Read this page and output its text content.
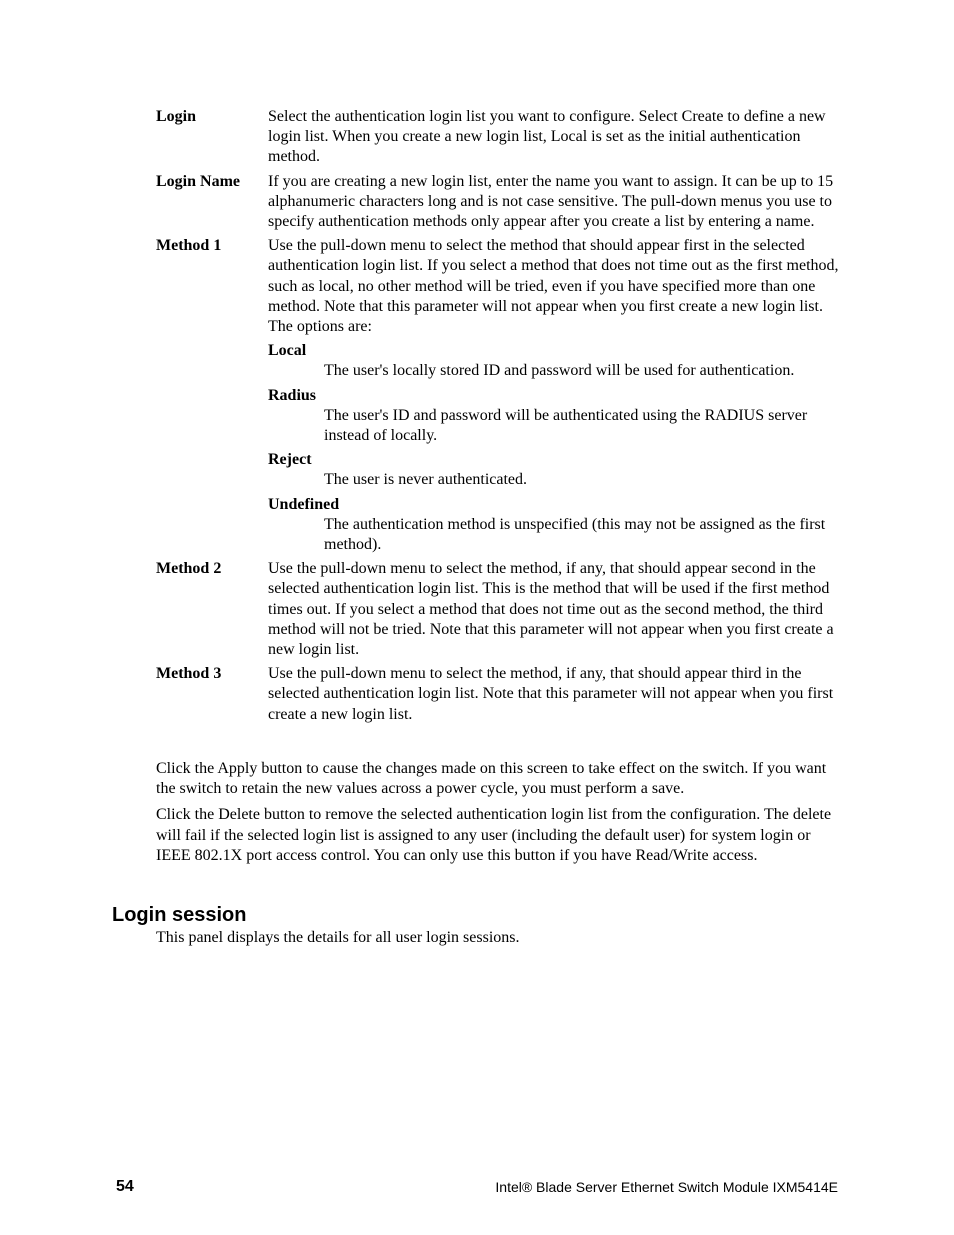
Login	Select the authentication login list you want to configure. Select Create to define a new login list. When you create a new login list, Local is set as the initial authentication method.
Login Name	If you are creating a new login list, enter the name you want to assign. It can be up to 15 alphanumeric characters long and is not case sensitive. The pull-down menus you use to specify authentication methods only appear after you create a list by entering a name.
Method 1	Use the pull-down menu to select the method that should appear first in the selected authentication login list. If you select a method that does not time out as the first method, such as local, no other method will be tried, even if you have specified more than one method. Note that this parameter will not appear when you first create a new login list. The options are:
Local
The user's locally stored ID and password will be used for authentication.
Radius
The user's ID and password will be authenticated using the RADIUS server instead of locally.
Reject
The user is never authenticated.
Undefined
The authentication method is unspecified (this may not be assigned as the first method).
Method 2	Use the pull-down menu to select the method, if any, that should appear second in the selected authentication login list. This is the method that will be used if the first method times out. If you select a method that does not time out as the second method, the third method will not be tried. Note that this parameter will not appear when you first create a new login list.
Method 3	Use the pull-down menu to select the method, if any, that should appear third in the selected authentication login list. Note that this parameter will not appear when you first create a new login list.

Click the Apply button to cause the changes made on this screen to take effect on the switch. If you want the switch to retain the new values across a power cycle, you must perform a save.

Click the Delete button to remove the selected authentication login list from the configuration. The delete will fail if the selected login list is assigned to any user (including the default user) for system login or IEEE 802.1X port access control. You can only use this button if you have Read/Write access.

Login session
This panel displays the details for all user login sessions.
54	Intel® Blade Server Ethernet Switch Module IXM5414E
